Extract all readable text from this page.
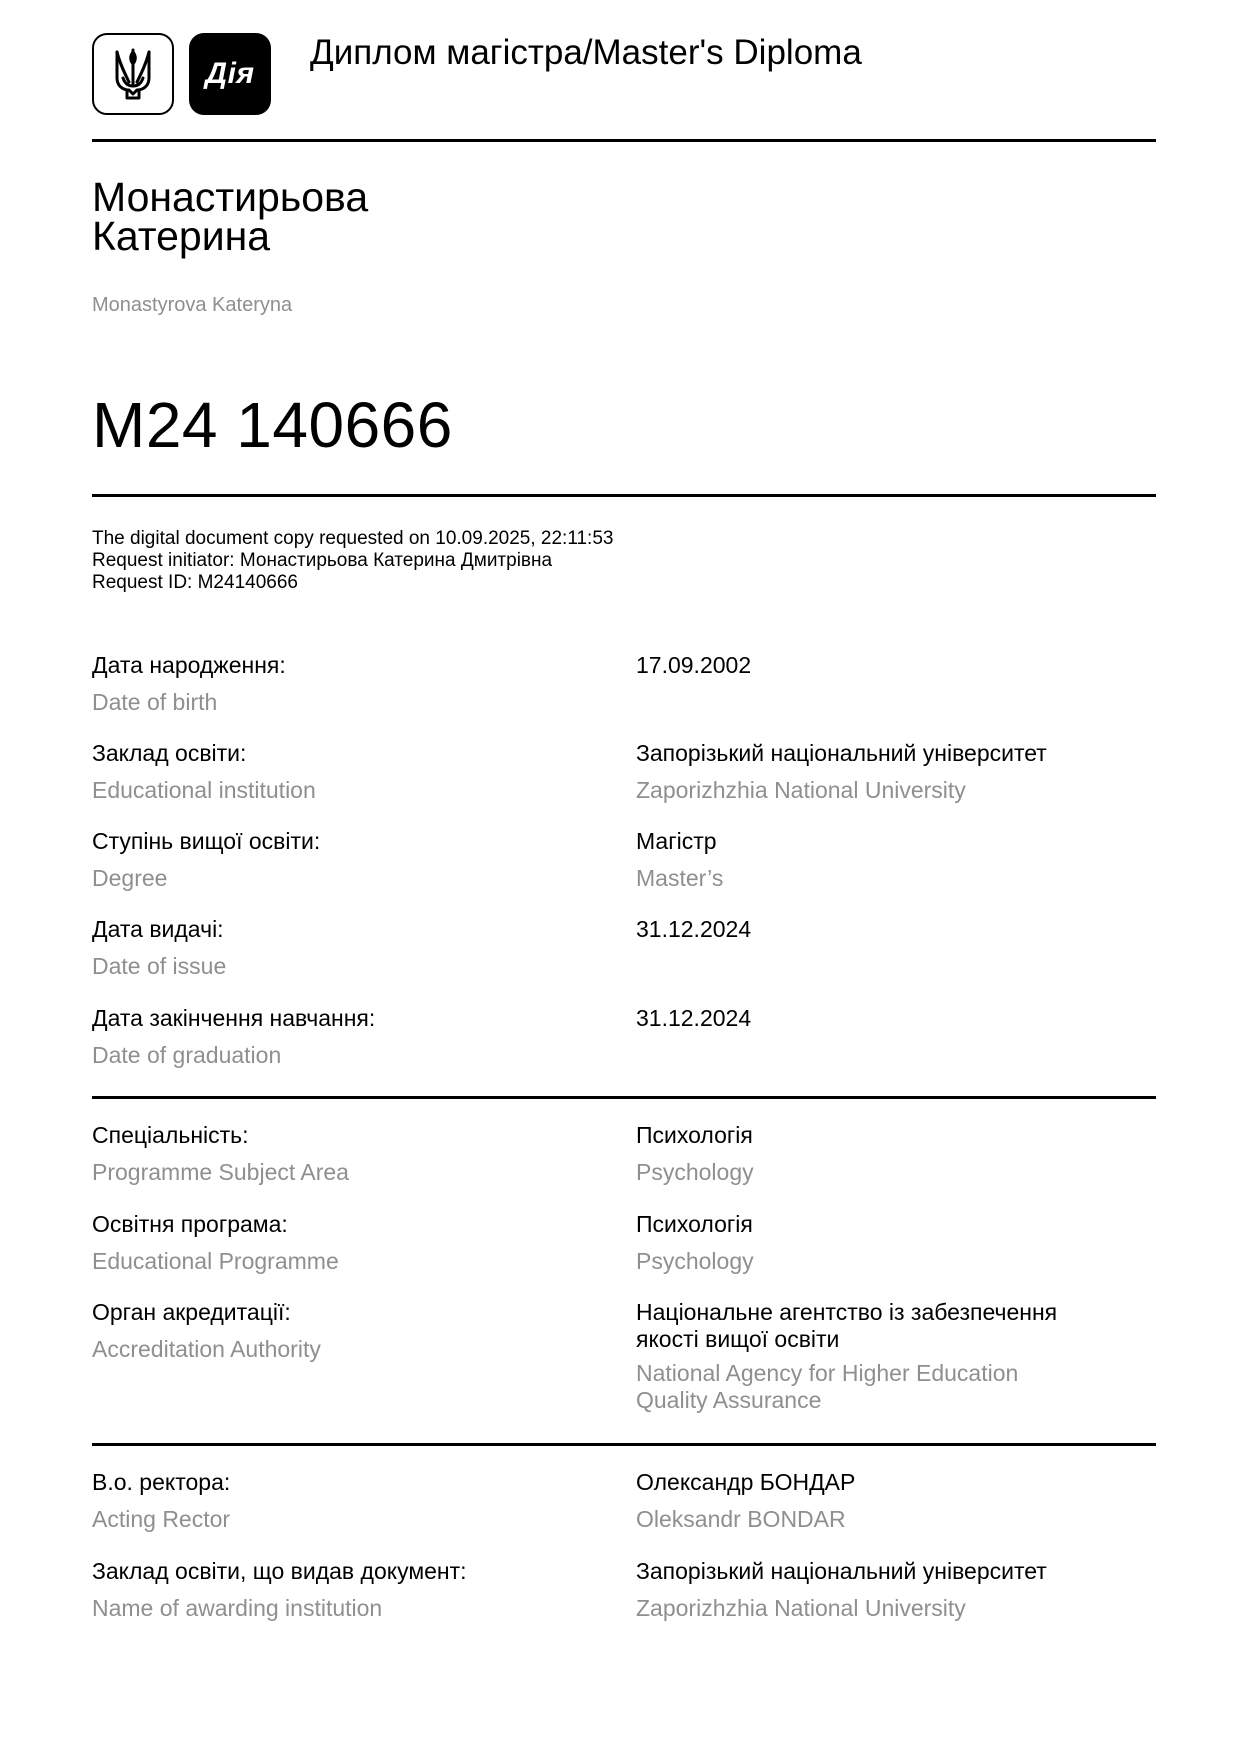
Дія
Диплом магістра/Master's Diploma
Монастирьова
Катерина
Monastyrova Kateryna
M24 140666
The digital document copy requested on 10.09.2025, 22:11:53
Request initiator: Монастирьова Катерина Дмитрівна
Request ID: M24140666
Дата народження:
Date of birth
17.09.2002
Заклад освіти:
Educational institution
Запорізький національний університет
Zaporizhzhia National University
Ступінь вищої освіти:
Degree
Магістр
Master’s
Дата видачі:
Date of issue
31.12.2024
Дата закінчення навчання:
Date of graduation
31.12.2024
Спеціальність:
Programme Subject Area
Психологія
Psychology
Освітня програма:
Educational Programme
Психологія
Psychology
Орган акредитації:
Accreditation Authority
Національне агентство із забезпечення
якості вищої освіти
National Agency for Higher Education
Quality Assurance
В.о. ректора:
Acting Rector
Олександр БОНДАР
Oleksandr BONDAR
Заклад освіти, що видав документ:
Name of awarding institution
Запорізький національний університет
Zaporizhzhia National University
